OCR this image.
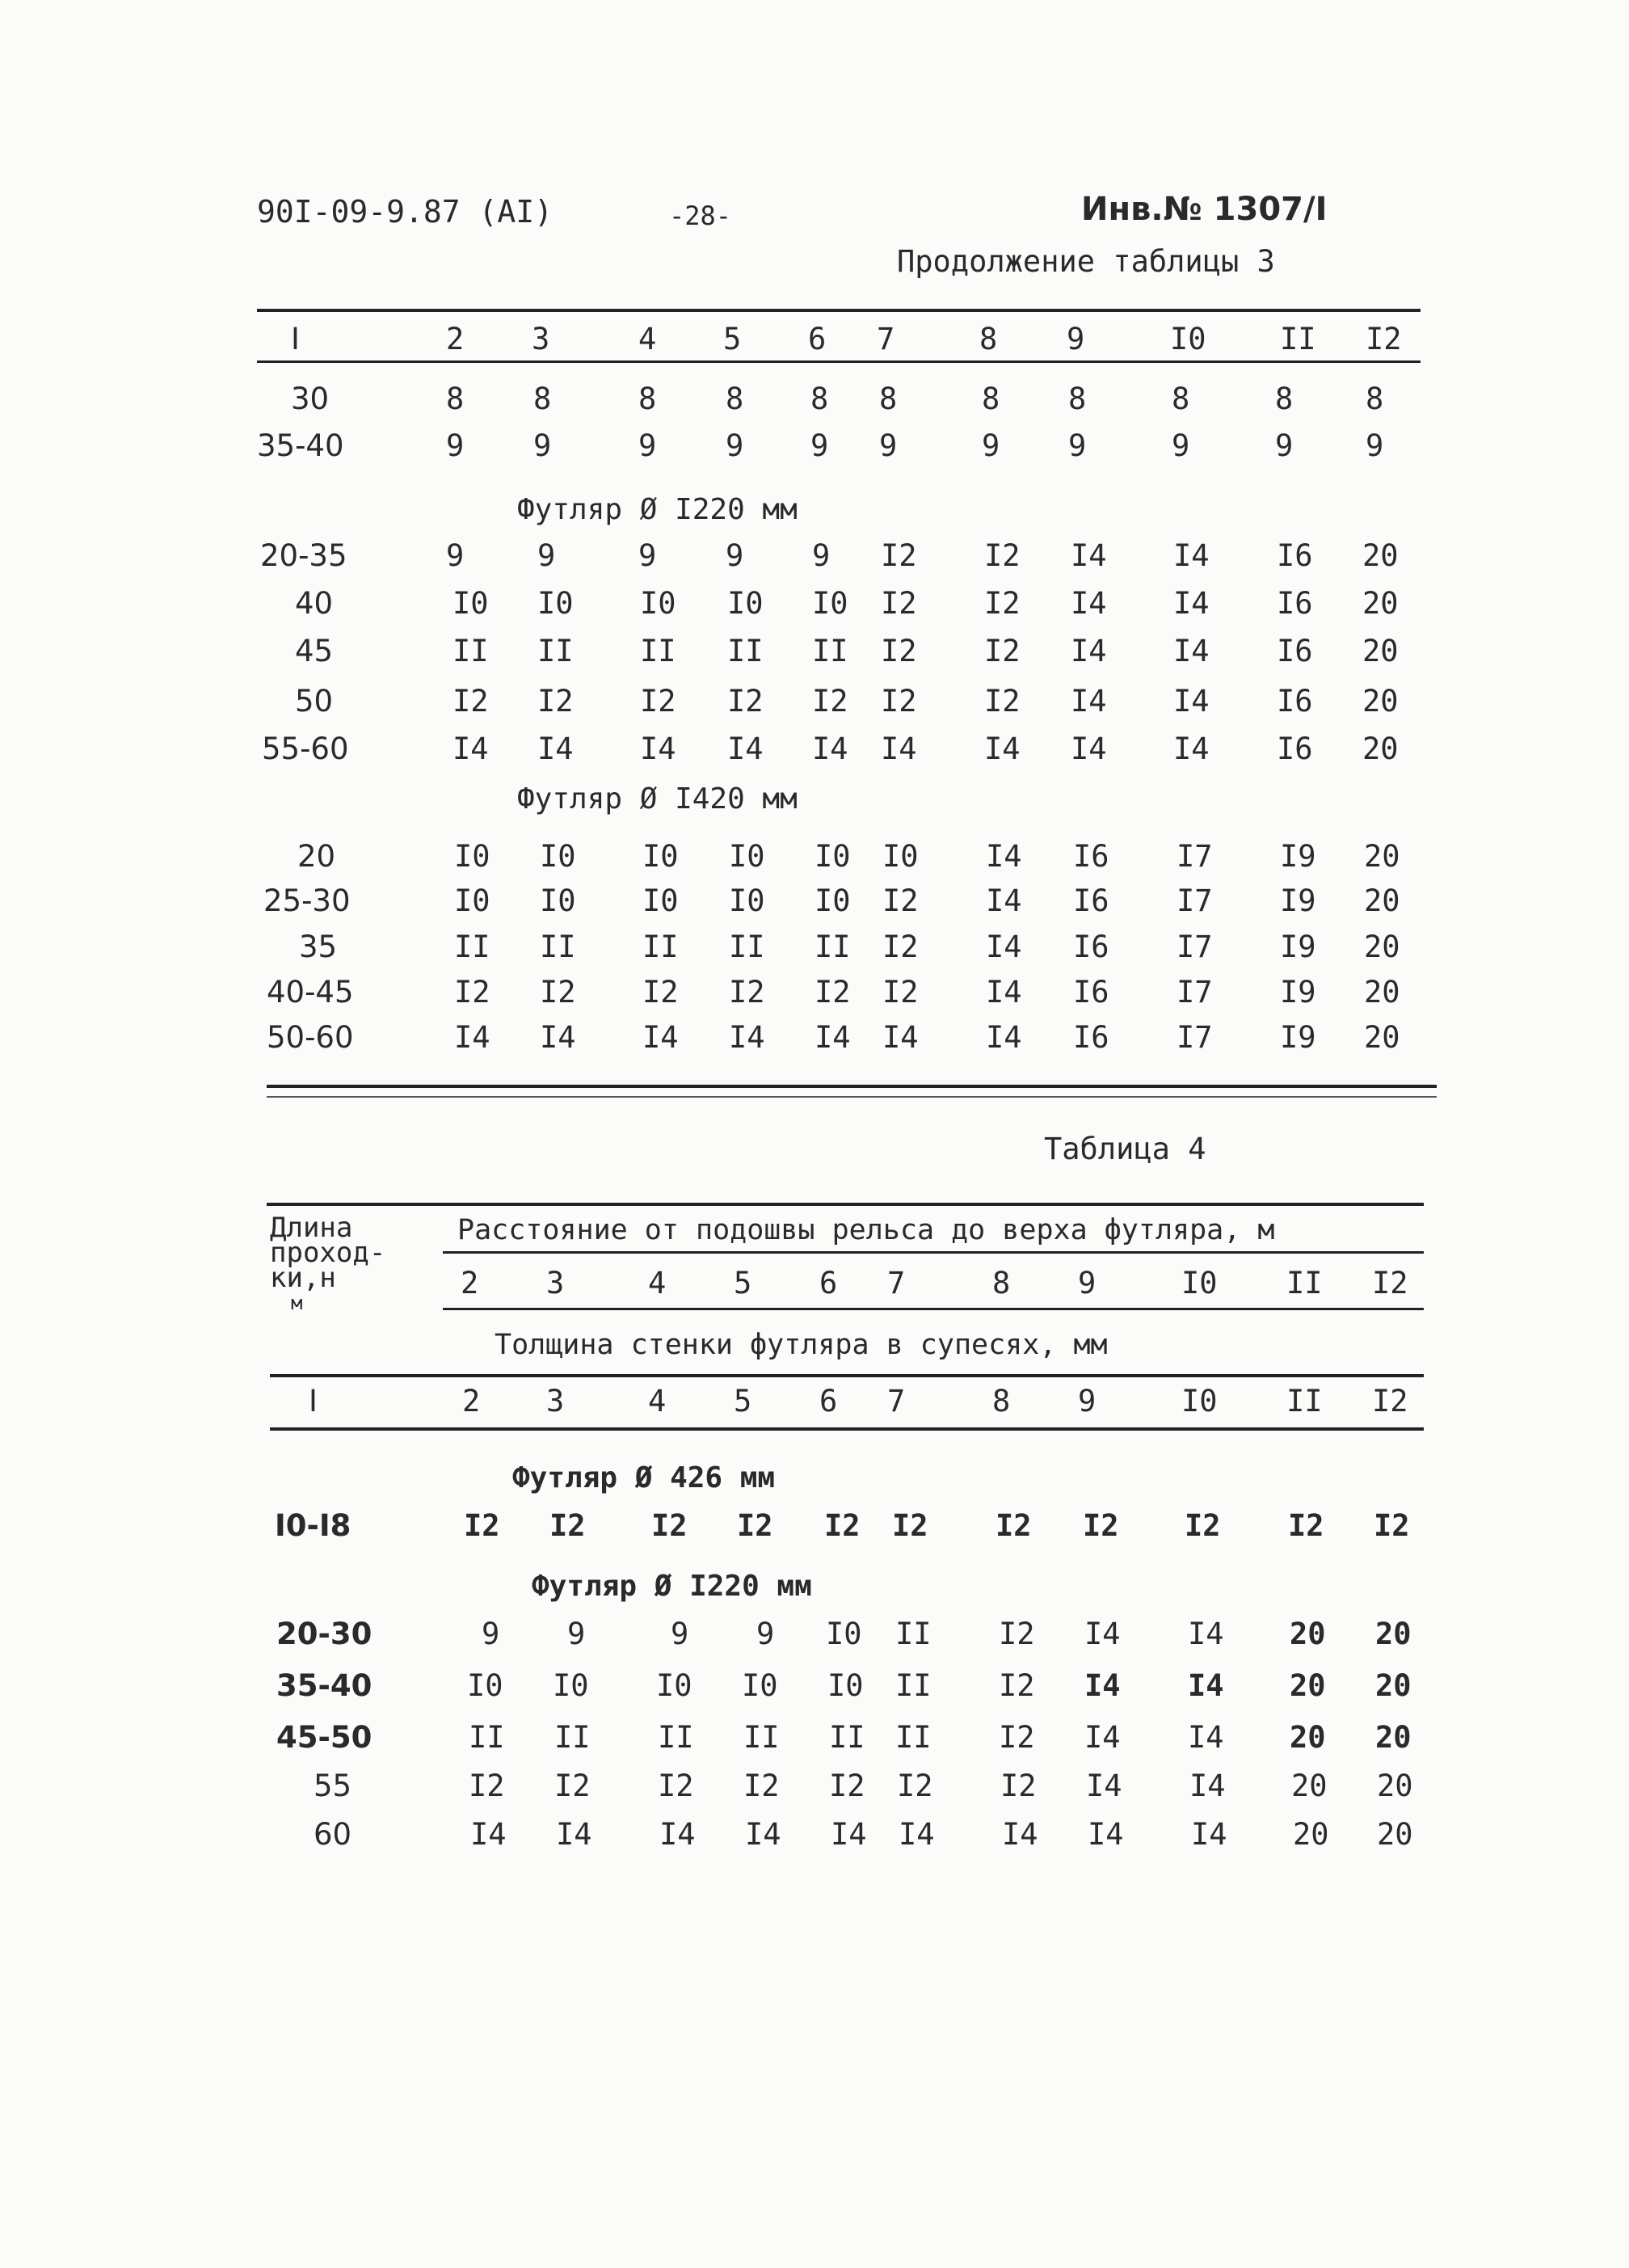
90I-09-9.87 (AI)	-28-	Инв.№ 1307/I
Продолжение таблицы 3
I	2 3	4 5 6 7	8 9	I0 II I2
30	8 8	8 8 8 8	8 8	8	8 8
35-40	9 9	9 9 9 9	9 9	9	9 9
Футляр Ø I220 мм
20-35	9 9	9 9 9 I2 I2 I4 I4 I6 20
40	I0 I0 I0 I0 I0 I2 I2 I4 I4 I6 20
45	II II II II II I2 I2 I4 I4 I6 20
50	I2 I2 I2 I2 I2 I2 I2 I4 I4 I6 20
55-60	I4 I4 I4 I4 I4 I4 I4 I4 I4 I6 20
Футляр Ø I420 мм
20	I0 I0 I0 I0 I0 I0 I4 I6 I7 I9 20
25-30	I0 I0 I0 I0 I0 I2 I4 I6 I7 I9 20
35	II II II II II I2 I4 I6 I7 I9 20
40-45	I2 I2 I2 I2 I2 I2 I4 I6 I7 I9 20
50-60	I4 I4 I4 I4 I4 I4 I4 I6 I7 I9 20
Таблица 4
Длина
проход-
ки,н
м
Расстояние от подошвы рельса до верха футляра, м
2 3	4 5 6 7	8 9	I0 II I2
Толщина стенки футляра в супесях, мм
I	2 3	4 5 6 7	8 9	I0 II I2
Футляр Ø 426 мм
I0-I8	I2 I2 I2 I2 I2 I2 I2 I2 I2 I2 I2
Футляр Ø I220 мм
20-30	9 9	9 9 I0 II I2 I4 I4 20 20
35-40	I0 I0 I0 I0 I0 II I2 I4 I4 20 20
45-50	II II II II II II I2 I4 I4 20 20
55	I2 I2 I2 I2 I2 I2 I2 I4 I4 20 20
60	I4 I4 I4 I4 I4 I4 I4 I4 I4 20 20
